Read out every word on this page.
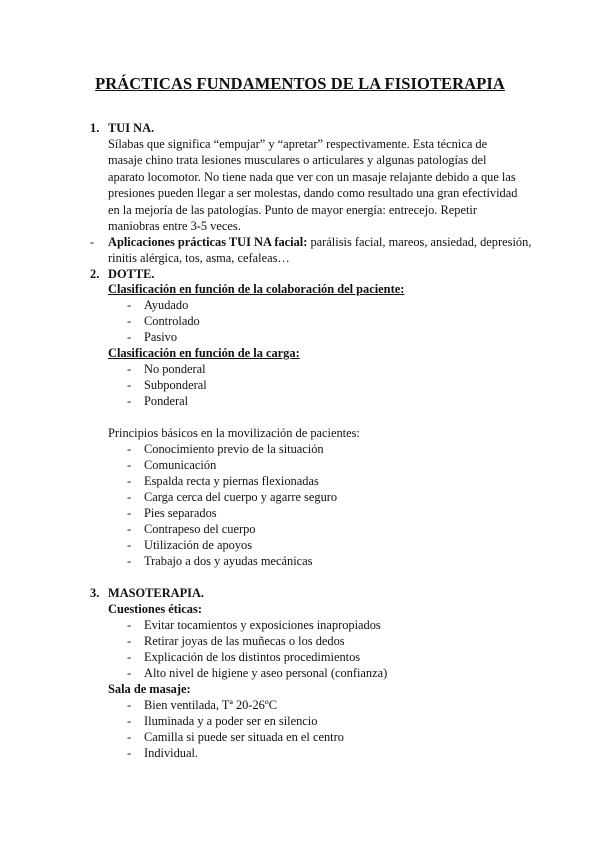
PRÁCTICAS FUNDAMENTOS DE LA FISIOTERAPIA
1. TUI NA.
Sílabas que significa “empujar” y “apretar” respectivamente. Esta técnica de masaje chino trata lesiones musculares o articulares y algunas patologías del aparato locomotor. No tiene nada que ver con un masaje relajante debido a que las presiones pueden llegar a ser molestas, dando como resultado una gran efectividad en la mejoría de las patologías. Punto de mayor energía: entrecejo. Repetir maniobras entre 3-5 veces.
- Aplicaciones prácticas TUI NA facial: parálisis facial, mareos, ansiedad, depresión,
rinitis alérgica, tos, asma, cefaleas…
2. DOTTE.
Clasificación en función de la colaboración del paciente:
- Ayudado
- Controlado
- Pasivo
Clasificación en función de la carga:
- No ponderal
- Subponderal
- Ponderal
Principios básicos en la movilización de pacientes:
- Conocimiento previo de la situación
- Comunicación
- Espalda recta y piernas flexionadas
- Carga cerca del cuerpo y agarre seguro
- Pies separados
- Contrapeso del cuerpo
- Utilización de apoyos
- Trabajo a dos y ayudas mecánicas
3. MASOTERAPIA.
Cuestiones éticas:
- Evitar tocamientos y exposiciones inapropiados
- Retirar joyas de las muñecas o los dedos
- Explicación de los distintos procedimientos
- Alto nivel de higiene y aseo personal (confianza)
Sala de masaje:
- Bien ventilada, Tª 20-26ºC
- Iluminada y a poder ser en silencio
- Camilla si puede ser situada en el centro
- Individual.
